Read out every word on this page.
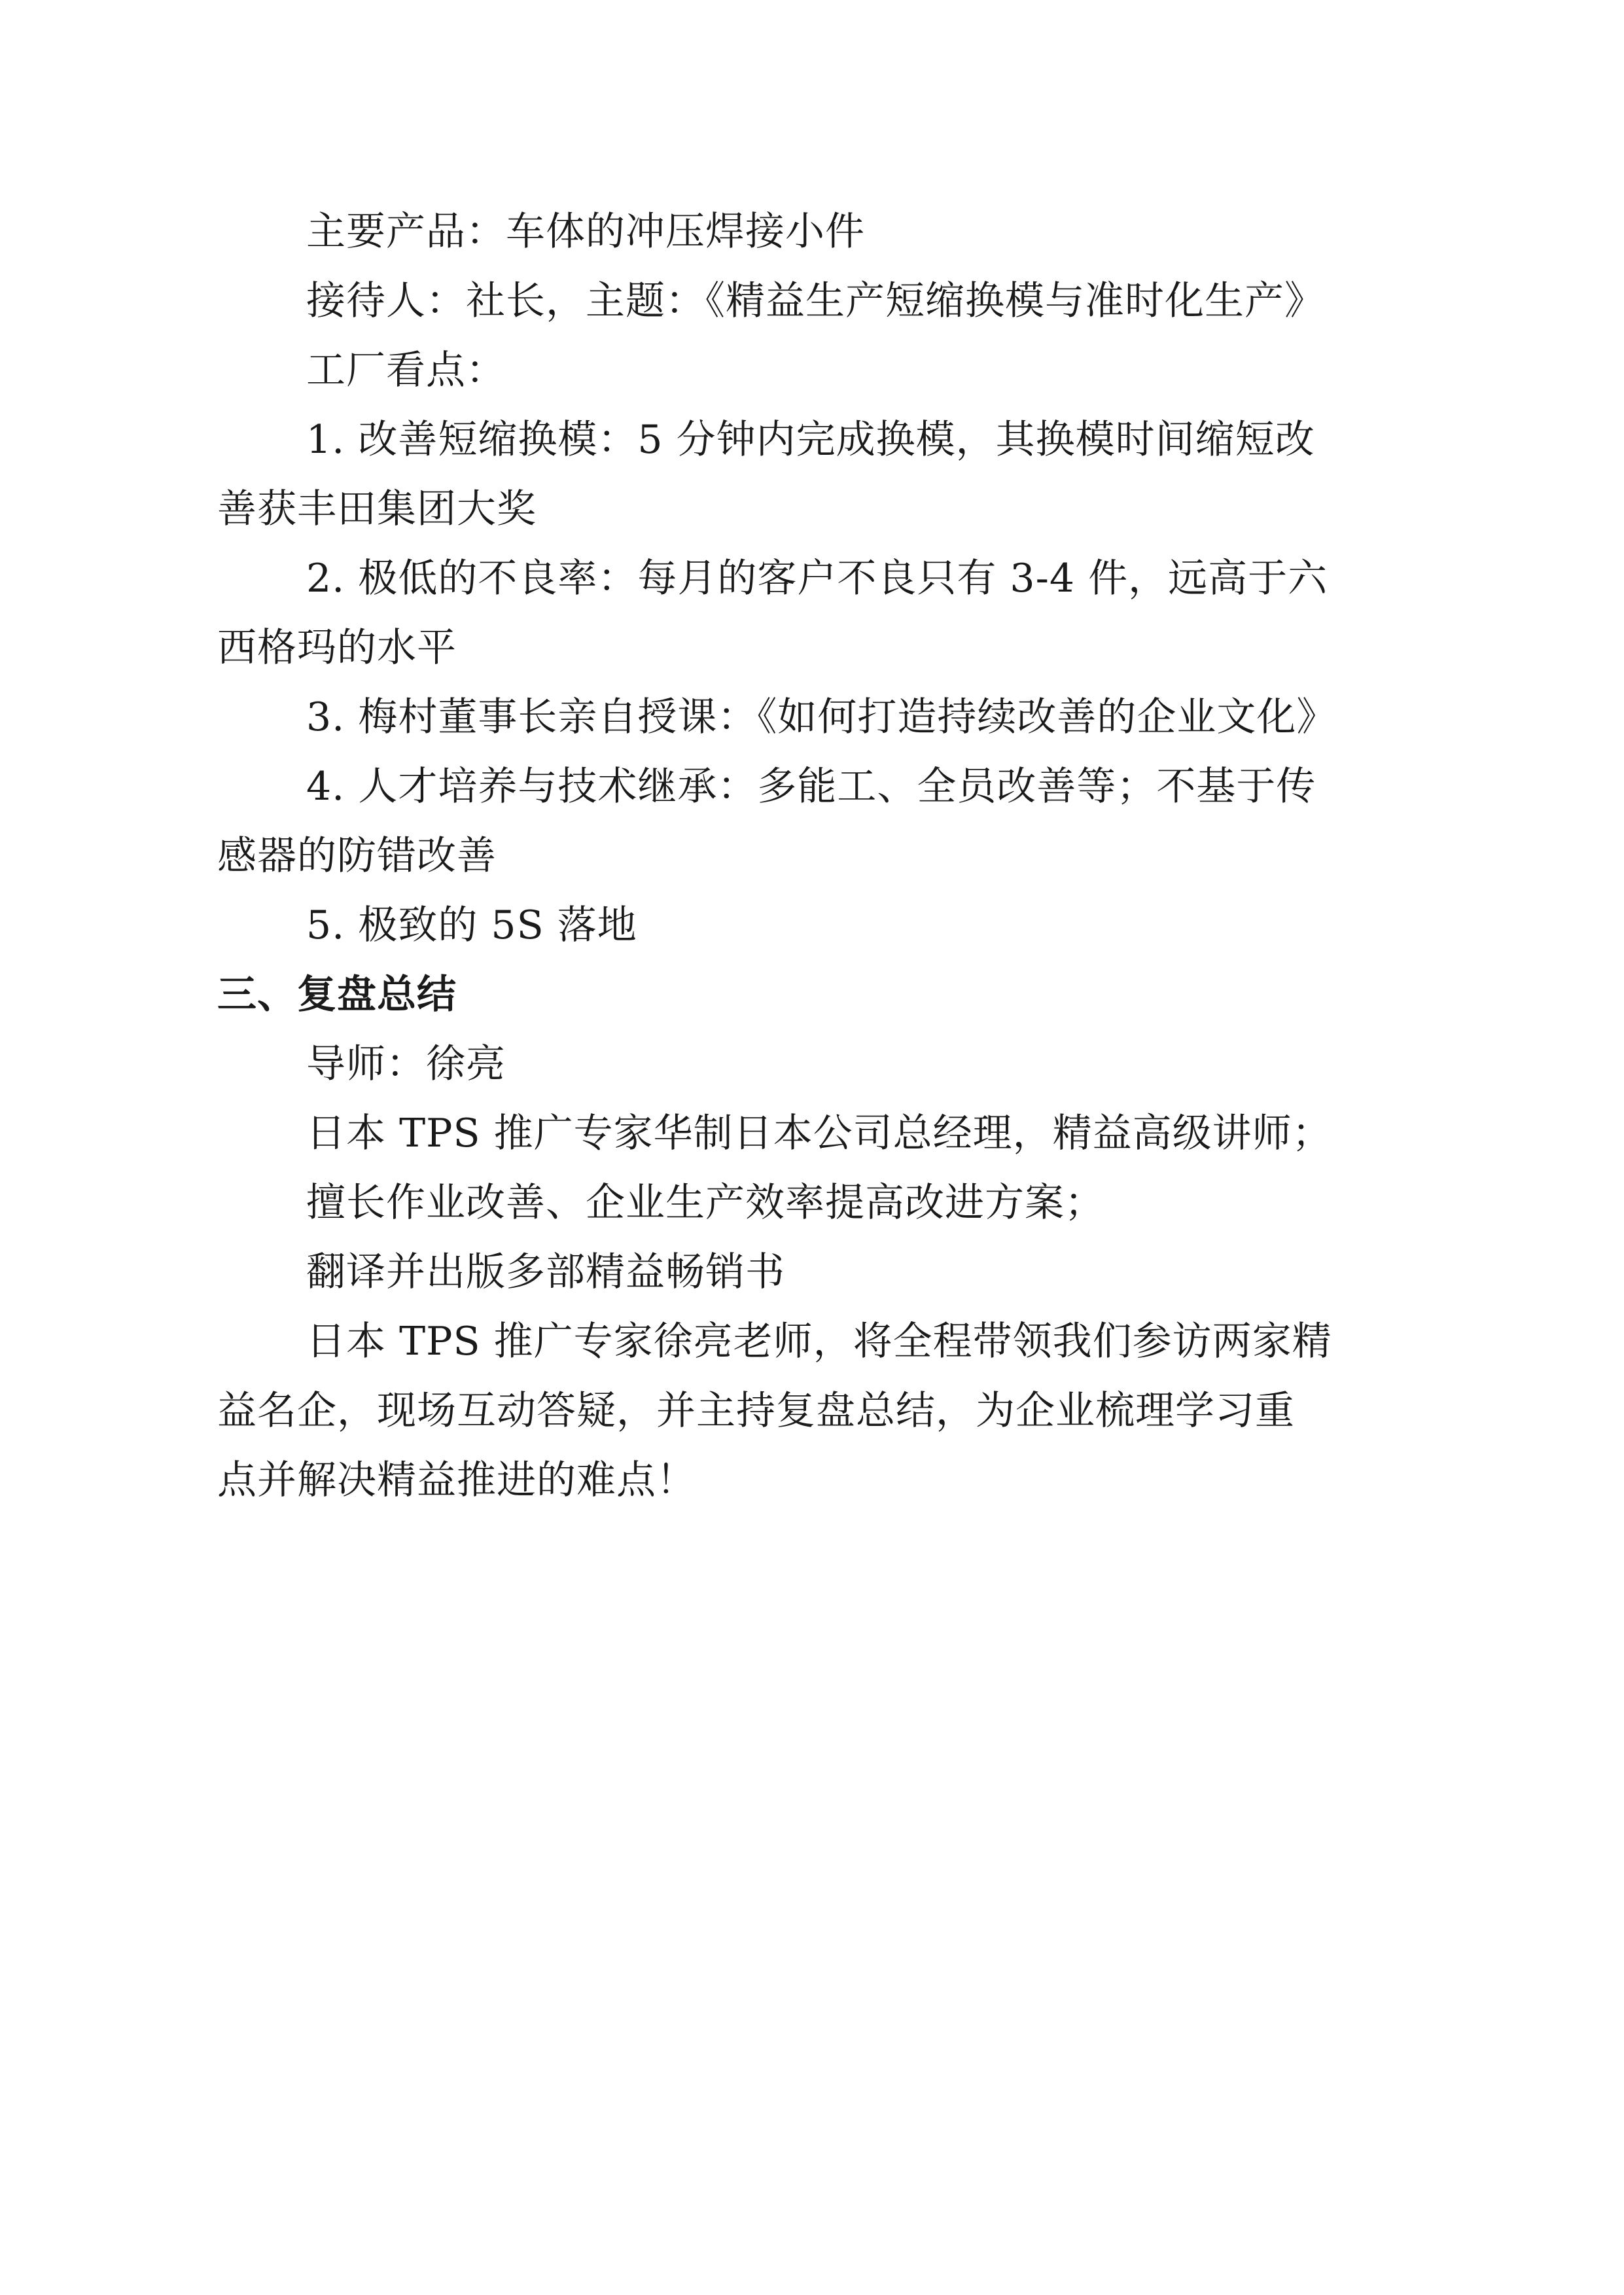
主要产品：车体的冲压焊接小件
接待人：社长，主题：《精益生产短缩换模与准时化生产》
工厂看点：
1. 改善短缩换模：5 分钟内完成换模，其换模时间缩短改
善获丰田集团大奖
2. 极低的不良率：每月的客户不良只有 3-4 件，远高于六
西格玛的水平
3. 梅村董事长亲自授课：《如何打造持续改善的企业文化》
4. 人才培养与技术继承：多能工、全员改善等；不基于传
感器的防错改善
5. 极致的 5S 落地
三、复盘总结
导师：徐亮
日本 TPS 推广专家华制日本公司总经理，精益高级讲师；
擅长作业改善、企业生产效率提高改进方案；
翻译并出版多部精益畅销书
日本 TPS 推广专家徐亮老师，将全程带领我们参访两家精
益名企，现场互动答疑，并主持复盘总结，为企业梳理学习重
点并解决精益推进的难点！
